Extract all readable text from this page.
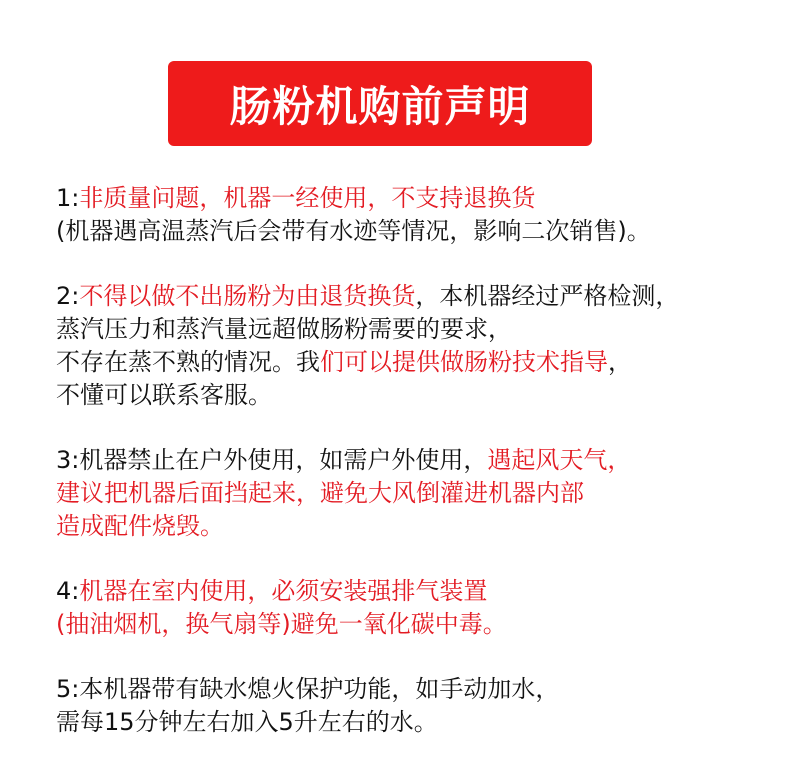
肠粉机购前声明
1:非质量问题，机器一经使用，不支持退换货
(机器遇高温蒸汽后会带有水迹等情况，影响二次销售)。
2:不得以做不出肠粉为由退货换货，本机器经过严格检测，
蒸汽压力和蒸汽量远超做肠粉需要的要求，
不存在蒸不熟的情况。我们可以提供做肠粉技术指导，
不懂可以联系客服。
3:机器禁止在户外使用，如需户外使用，遇起风天气，
建议把机器后面挡起来，避免大风倒灌进机器内部
造成配件烧毁。
4:机器在室内使用，必须安装强排气装置
(抽油烟机，换气扇等)避免一氧化碳中毒。
5:本机器带有缺水熄火保护功能，如手动加水，
需每15分钟左右加入5升左右的水。
